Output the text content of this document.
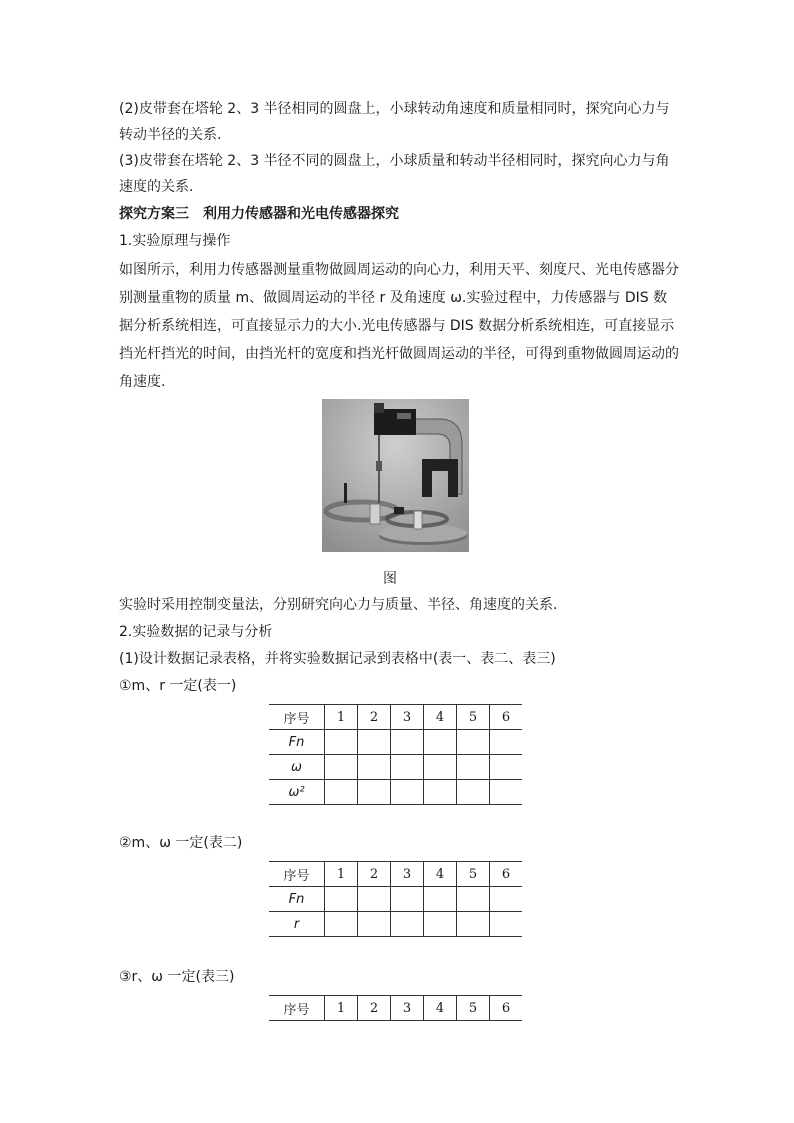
(2)皮带套在塔轮 2、3 半径相同的圆盘上，小球转动角速度和质量相同时，探究向心力与转动半径的关系.

(3)皮带套在塔轮 2、3 半径不同的圆盘上，小球质量和转动半径相同时，探究向心力与角速度的关系.

探究方案三　利用力传感器和光电传感器探究

1.实验原理与操作

如图所示，利用力传感器测量重物做圆周运动的向心力，利用天平、刻度尺、光电传感器分别测量重物的质量 m、做圆周运动的半径 r 及角速度 ω.实验过程中，力传感器与 DIS 数据分析系统相连，可直接显示力的大小.光电传感器与 DIS 数据分析系统相连，可直接显示挡光杆挡光的时间，由挡光杆的宽度和挡光杆做圆周运动的半径，可得到重物做圆周运动的角速度.

图

实验时采用控制变量法，分别研究向心力与质量、半径、角速度的关系.

2.实验数据的记录与分析

(1)设计数据记录表格，并将实验数据记录到表格中(表一、表二、表三)

①m、r 一定(表一)

序号	1	2	3	4	5	6
Fn						
ω						
ω²						

②m、ω 一定(表二)

序号	1	2	3	4	5	6
Fn						
r						

③r、ω 一定(表三)

序号	1	2	3	4	5	6
